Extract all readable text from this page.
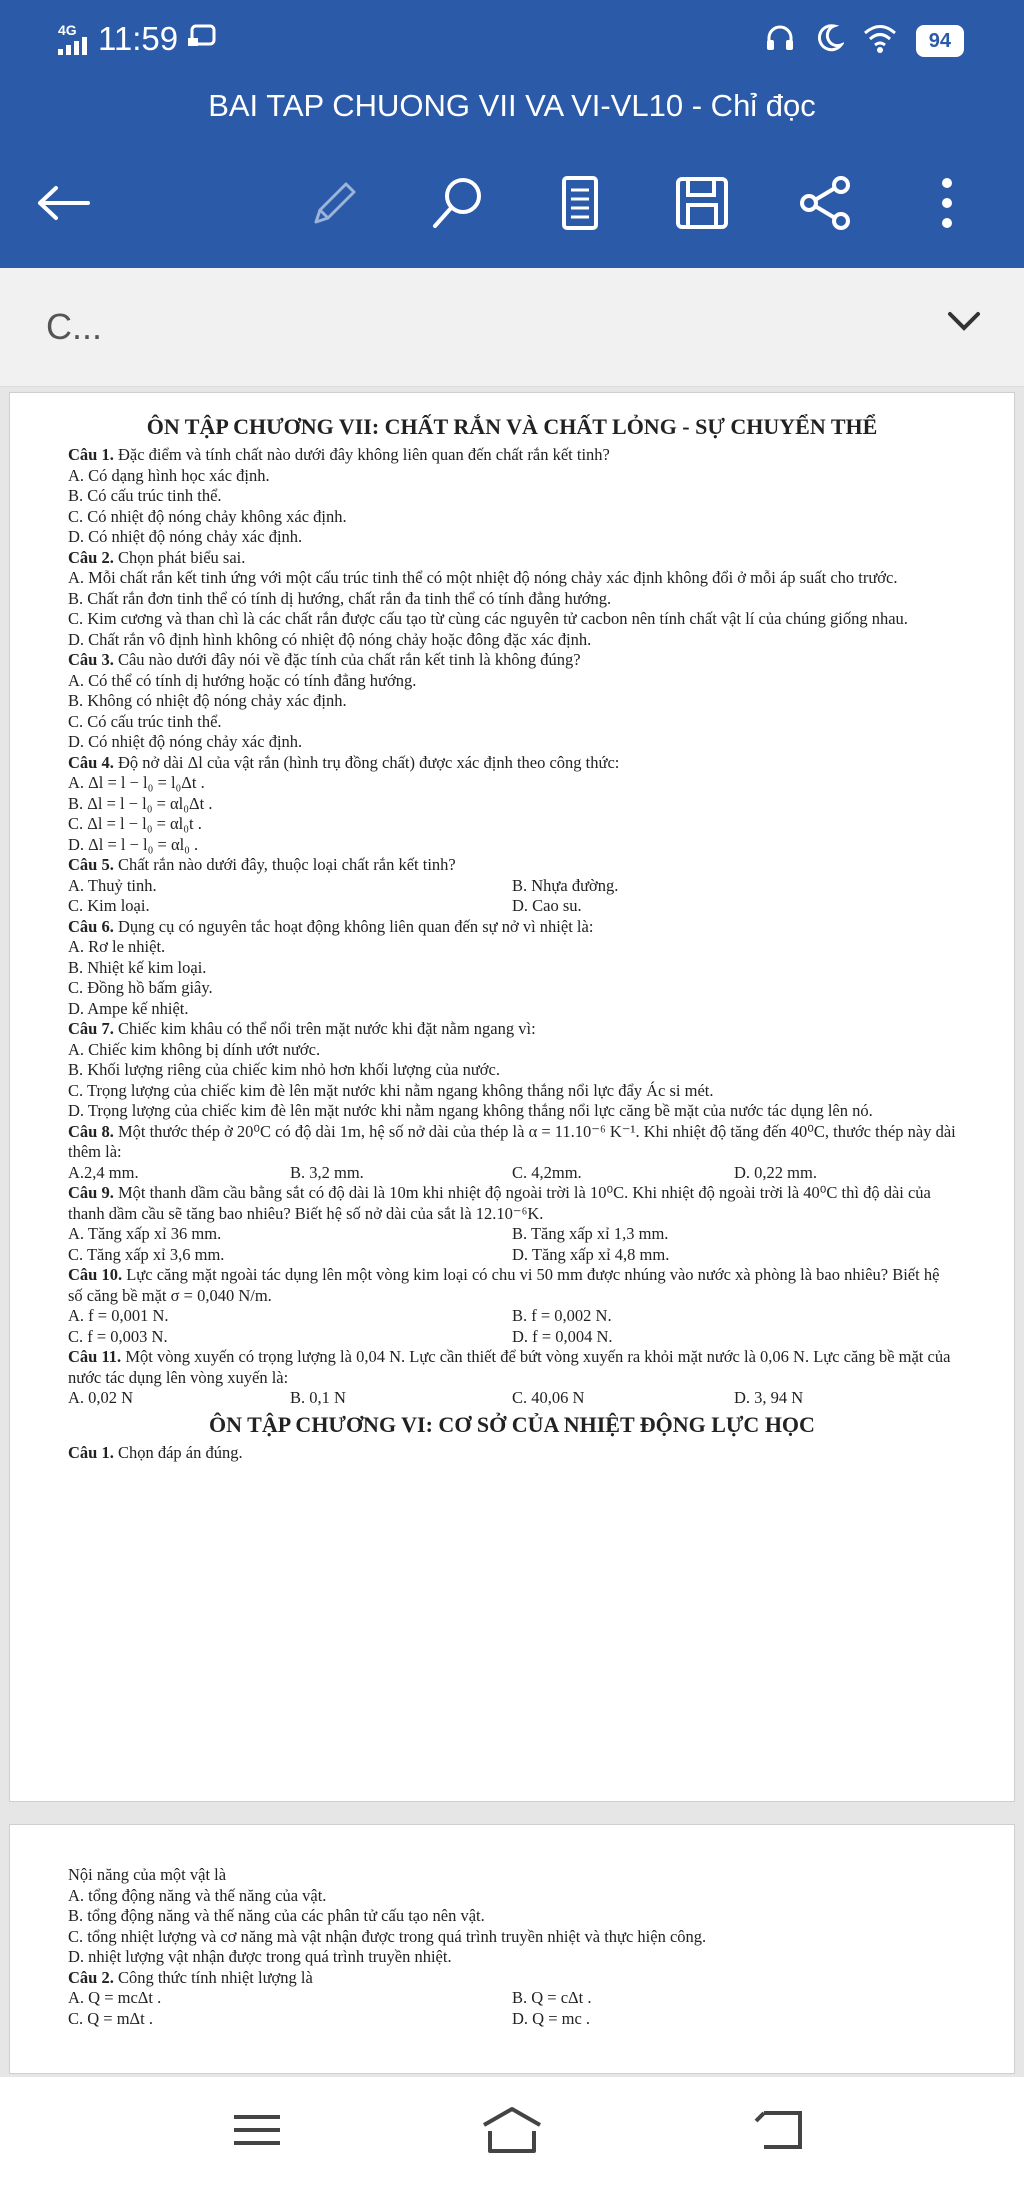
4G 11:59	94
BAI TAP CHUONG VII VA VI-VL10 - Chỉ đọc
C...
ÔN TẬP CHƯƠNG VII: CHẤT RẮN VÀ CHẤT LỎNG - SỰ CHUYỂN THỂ
Câu 1. Đặc điểm và tính chất nào dưới đây không liên quan đến chất rắn kết tinh?
A. Có dạng hình học xác định.
B. Có cấu trúc tinh thể.
C. Có nhiệt độ nóng chảy không xác định.
D. Có nhiệt độ nóng chảy xác định.
Câu 2. Chọn phát biểu sai.
A. Mỗi chất rắn kết tinh ứng với một cấu trúc tinh thể có một nhiệt độ nóng chảy xác định không đổi ở mỗi áp suất cho trước.
B. Chất rắn đơn tinh thể có tính dị hướng, chất rắn đa tinh thể có tính đẳng hướng.
C. Kim cương và than chì là các chất rắn được cấu tạo từ cùng các nguyên tử cacbon nên tính chất vật lí của chúng giống nhau.
D. Chất rắn vô định hình không có nhiệt độ nóng chảy hoặc đông đặc xác định.
Câu 3. Câu nào dưới đây nói về đặc tính của chất rắn kết tinh là không đúng?
A. Có thể có tính dị hướng hoặc có tính đẳng hướng.
B. Không có nhiệt độ nóng chảy xác định.
C. Có cấu trúc tinh thể.
D. Có nhiệt độ nóng chảy xác định.
Câu 4. Độ nở dài Δl của vật rắn (hình trụ đồng chất) được xác định theo công thức:
A. Δl = l − l₀ = l₀Δt .
B. Δl = l − l₀ = αl₀Δt .
C. Δl = l − l₀ = αl₀t .
D. Δl = l − l₀ = αl₀ .
Câu 5. Chất rắn nào dưới đây, thuộc loại chất rắn kết tinh?
A. Thuỷ tinh.	B. Nhựa đường.
C. Kim loại.	D. Cao su.
Câu 6. Dụng cụ có nguyên tắc hoạt động không liên quan đến sự nở vì nhiệt là:
A. Rơ le nhiệt.
B. Nhiệt kế kim loại.
C. Đồng hồ bấm giây.
D. Ampe kế nhiệt.
Câu 7. Chiếc kim khâu có thể nổi trên mặt nước khi đặt nằm ngang vì:
A. Chiếc kim không bị dính ướt nước.
B. Khối lượng riêng của chiếc kim nhỏ hơn khối lượng của nước.
C. Trọng lượng của chiếc kim đè lên mặt nước khi nằm ngang không thắng nổi lực đẩy Ác si mét.
D. Trọng lượng của chiếc kim đè lên mặt nước khi nằm ngang không thắng nổi lực căng bề mặt của nước tác dụng lên nó.
Câu 8. Một thước thép ở 20⁰C có độ dài 1m, hệ số nở dài của thép là α = 11.10⁻⁶ K⁻¹. Khi nhiệt độ tăng đến 40⁰C, thước thép này dài thêm là:
A.2,4 mm.	B. 3,2 mm.	C. 4,2mm.	D. 0,22 mm.
Câu 9. Một thanh dầm cầu bằng sắt có độ dài là 10m khi nhiệt độ ngoài trời là 10⁰C. Khi nhiệt độ ngoài trời là 40⁰C thì độ dài của thanh dầm cầu sẽ tăng bao nhiêu? Biết hệ số nở dài của sắt là 12.10⁻⁶K.
A. Tăng xấp xỉ 36 mm.	B. Tăng xấp xỉ 1,3 mm.
C. Tăng xấp xỉ 3,6 mm.	D. Tăng xấp xỉ 4,8 mm.
Câu 10. Lực căng mặt ngoài tác dụng lên một vòng kim loại có chu vi 50 mm được nhúng vào nước xà phòng là bao nhiêu? Biết hệ số căng bề mặt σ = 0,040 N/m.
A. f = 0,001 N.	B. f = 0,002 N.
C. f = 0,003 N.	D. f = 0,004 N.
Câu 11. Một vòng xuyến có trọng lượng là 0,04 N. Lực cần thiết để bứt vòng xuyến ra khỏi mặt nước là 0,06 N. Lực căng bề mặt của nước tác dụng lên vòng xuyến là:
A. 0,02 N	B. 0,1 N	C. 40,06 N	D. 3, 94 N
ÔN TẬP CHƯƠNG VI: CƠ SỞ CỦA NHIỆT ĐỘNG LỰC HỌC
Câu 1. Chọn đáp án đúng.
Nội năng của một vật là
A. tổng động năng và thế năng của vật.
B. tổng động năng và thế năng của các phân tử cấu tạo nên vật.
C. tổng nhiệt lượng và cơ năng mà vật nhận được trong quá trình truyền nhiệt và thực hiện công.
D. nhiệt lượng vật nhận được trong quá trình truyền nhiệt.
Câu 2. Công thức tính nhiệt lượng là
A. Q = mcΔt .	B. Q = cΔt .
C. Q = mΔt .	D. Q = mc .
